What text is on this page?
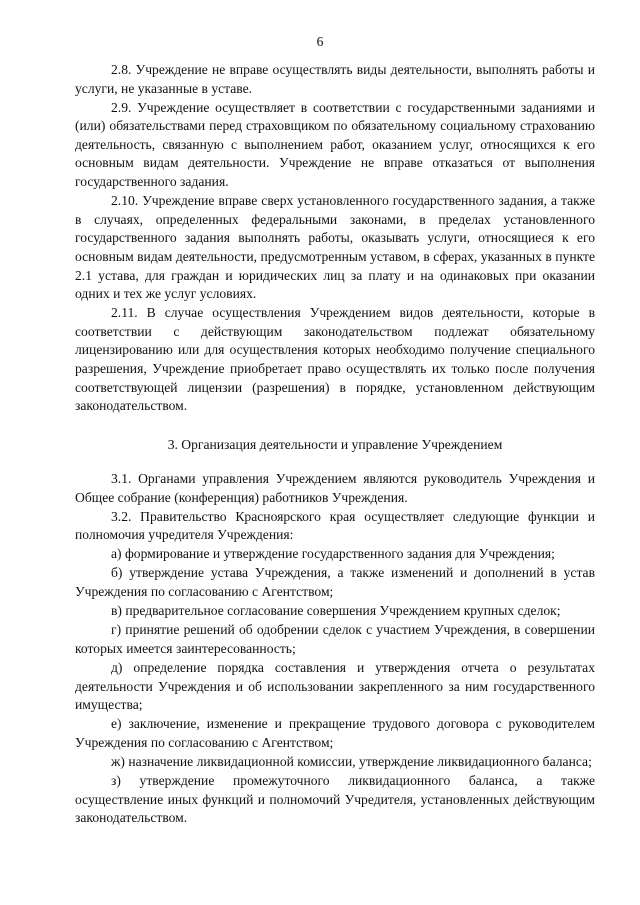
6

2.8. Учреждение не вправе осуществлять виды деятельности, выполнять работы и услуги, не указанные в уставе.

2.9. Учреждение осуществляет в соответствии с государственными заданиями и (или) обязательствами перед страховщиком по обязательному социальному страхованию деятельность, связанную с выполнением работ, оказанием услуг, относящихся к его основным видам деятельности. Учреждение не вправе отказаться от выполнения государственного задания.

2.10. Учреждение вправе сверх установленного государственного задания, а также в случаях, определенных федеральными законами, в пределах установленного государственного задания выполнять работы, оказывать услуги, относящиеся к его основным видам деятельности, предусмотренным уставом, в сферах, указанных в пункте 2.1 устава, для граждан и юридических лиц за плату и на одинаковых при оказании одних и тех же услуг условиях.

2.11. В случае осуществления Учреждением видов деятельности, которые в соответствии с действующим законодательством подлежат обязательному лицензированию или для осуществления которых необходимо получение специального разрешения, Учреждение приобретает право осуществлять их только после получения соответствующей лицензии (разрешения) в порядке, установленном действующим законодательством.

3. Организация деятельности и управление Учреждением

3.1. Органами управления Учреждением являются руководитель Учреждения и Общее собрание (конференция) работников Учреждения.

3.2. Правительство Красноярского края осуществляет следующие функции и полномочия учредителя Учреждения:

а) формирование и утверждение государственного задания для Учреждения;

б) утверждение устава Учреждения, а также изменений и дополнений в устав Учреждения по согласованию с Агентством;

в) предварительное согласование совершения Учреждением крупных сделок;

г) принятие решений об одобрении сделок с участием Учреждения, в совершении которых имеется заинтересованность;

д) определение порядка составления и утверждения отчета о результатах деятельности Учреждения и об использовании закрепленного за ним государственного имущества;

е) заключение, изменение и прекращение трудового договора с руководителем Учреждения по согласованию с Агентством;

ж) назначение ликвидационной комиссии, утверждение ликвидационного баланса;

з) утверждение промежуточного ликвидационного баланса, а также осуществление иных функций и полномочий Учредителя, установленных действующим законодательством.
